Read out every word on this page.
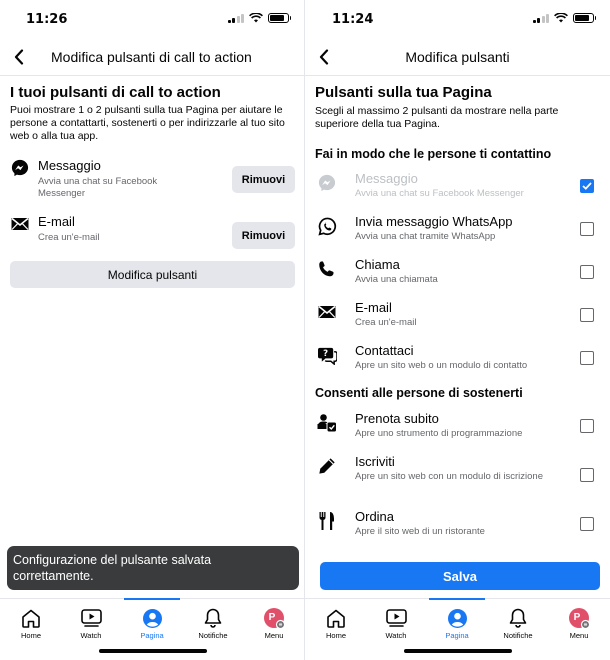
11:26
Modifica pulsanti di call to action
I tuoi pulsanti di call to action
Puoi mostrare 1 o 2 pulsanti sulla tua Pagina per aiutare le persone a contattarti, sostenerti o per indirizzarle al tuo sito web o alla tua app.
Messaggio
Avvia una chat su Facebook Messenger
Rimuovi
E-mail
Crea un'e-mail	Rimuovi
Modifica pulsanti
Configurazione del pulsante salvata correttamente.
Home	Watch	Pagina	Notifiche
P
Menu
11:24
Modifica pulsanti
Pulsanti sulla tua Pagina
Scegli al massimo 2 pulsanti da mostrare nella parte superiore della tua Pagina.
Fai in modo che le persone ti contattino
Messaggio
Avvia una chat su Facebook Messenger
Invia messaggio WhatsApp
Avvia una chat tramite WhatsApp
Chiama
Avvia una chiamata
E-mail
Crea un'e-mail
? Contattaci
Apre un sito web o un modulo di contatto
Consenti alle persone di sostenerti
Prenota subito
Apre uno strumento di programmazione
Iscriviti
Apre un sito web con un modulo di iscrizione
Ordina
Apre il sito web di un ristorante
Salva
Home	Watch	Pagina	Notifiche
P
Menu
